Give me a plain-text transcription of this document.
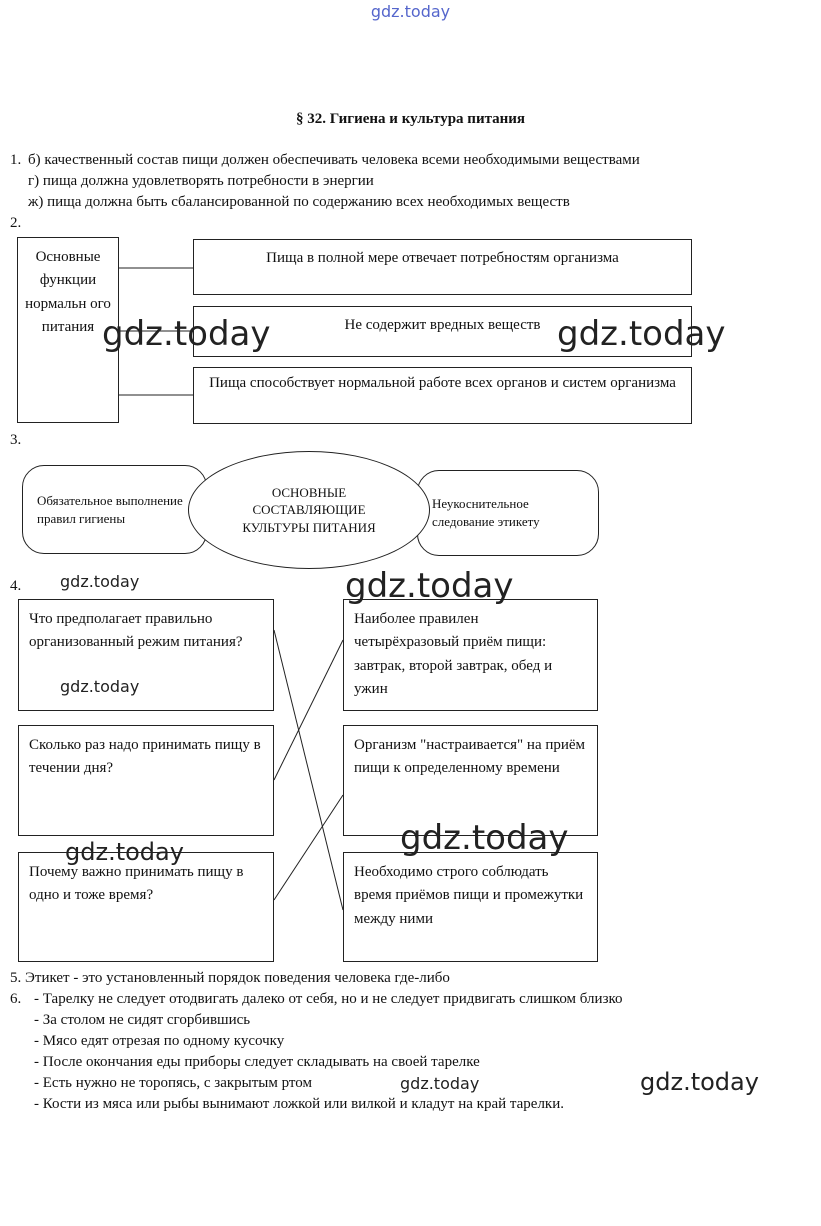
gdz.today
§ 32. Гигиена и культура питания
1. б) качественный состав пищи должен обеспечивать человека всеми необходимыми веществами
г) пища должна удовлетворять потребности в энергии
ж) пища должна быть сбалансированной по содержанию всех необходимых веществ
2.
Основные функции нормальн ого питания
Пища в полной мере отвечает потребностям организма
Не содержит вредных веществ
Пища способствует нормальной работе всех органов и систем организма
3.
Обязательное выполнение правил гигиены
Неукоснительное следование этикету
ОСНОВНЫЕ СОСТАВЛЯЮЩИЕ КУЛЬТУРЫ ПИТАНИЯ
4.
Что предполагает правильно организованный режим питания?
Сколько раз надо принимать пищу в течении дня?
Почему важно принимать пищу в одно и тоже время?
Наиболее правилен четырёхразовый приём пищи: завтрак, второй завтрак, обед и ужин
Организм "настраивается" на приём пищи к определенному времени
Необходимо строго соблюдать время приёмов пищи и промежутки между ними
5. Этикет - это установленный порядок поведения человека где-либо
6. - Тарелку не следует отодвигать далеко от себя, но и не следует придвигать слишком близко
- За столом не сидят сгорбившись
- Мясо едят отрезая по одному кусочку
- После окончания еды приборы следует складывать на своей тарелке
- Есть нужно не торопясь, с закрытым ртом
- Кости из мяса или рыбы вынимают ложкой или вилкой и кладут на край тарелки.
gdz.today	gdz.today
gdz.today
gdz.today
gdz.today
gdz.today
gdz.today
gdz.today	gdz.today
